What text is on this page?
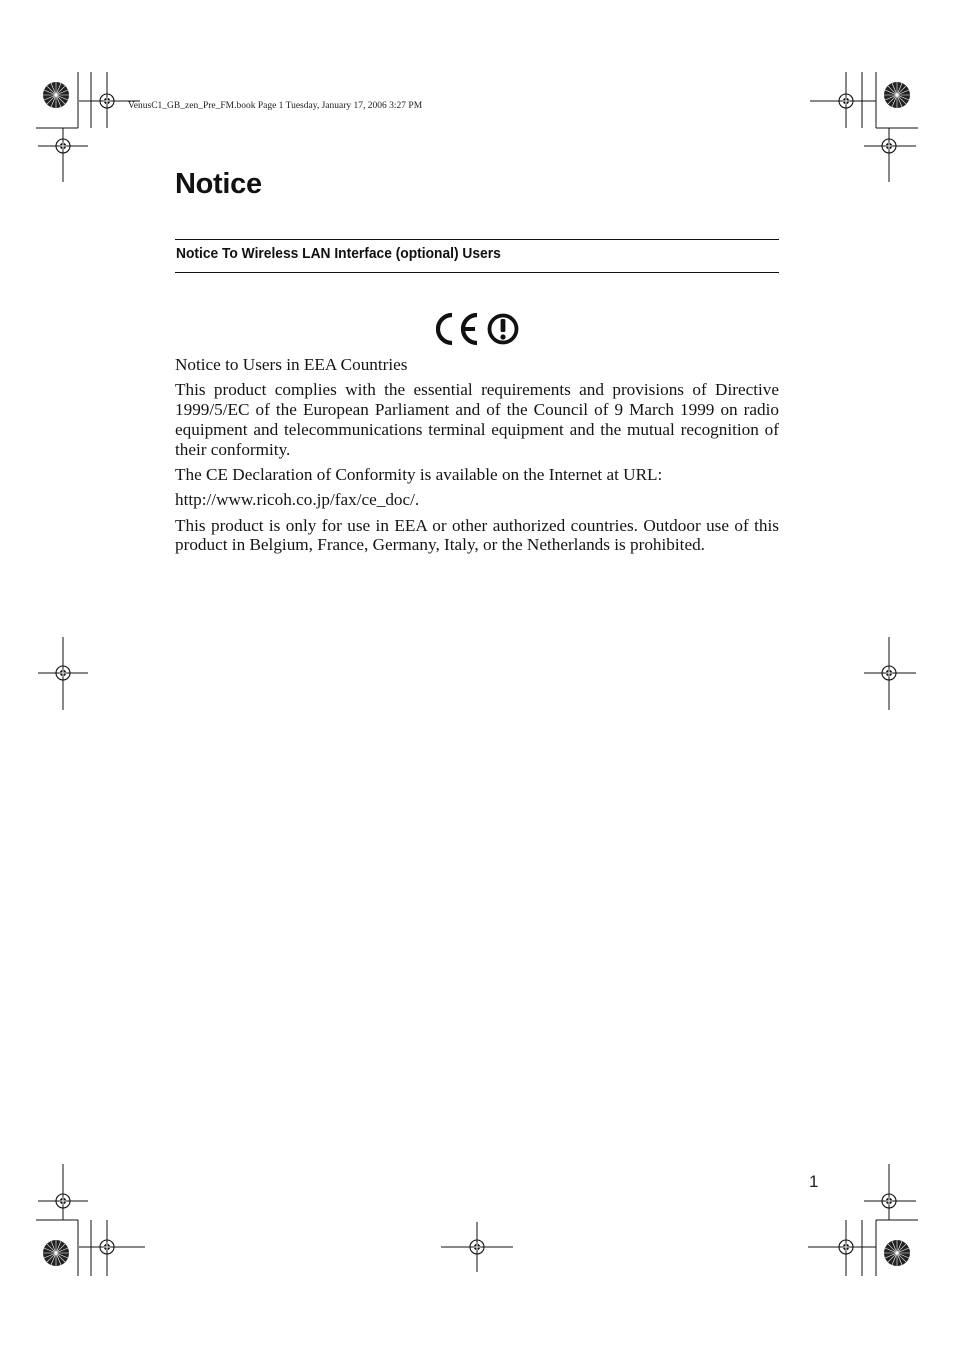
VenusC1_GB_zen_Pre_FM.book Page 1 Tuesday, January 17, 2006 3:27 PM
Notice
Notice To Wireless LAN Interface (optional) Users

Notice to Users in EEA Countries

This product complies with the essential requirements and provisions of Directive 1999/5/EC of the European Parliament and of the Council of 9 March 1999 on radio equipment and telecommunications terminal equipment and the mutual recognition of their conformity.

The CE Declaration of Conformity is available on the Internet at URL:

http://www.ricoh.co.jp/fax/ce_doc/.

This product is only for use in EEA or other authorized countries. Outdoor use of this product in Belgium, France, Germany, Italy, or the Netherlands is prohibited.

1
